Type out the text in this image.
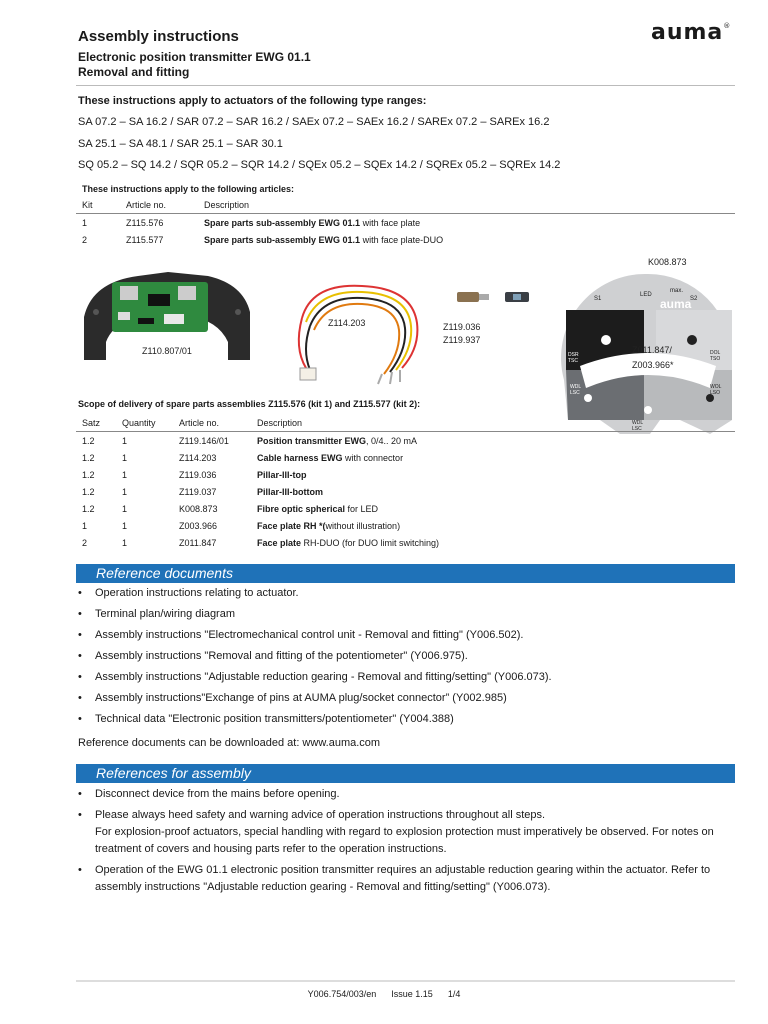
Assembly instructions
Electronic position transmitter EWG 01.1
Removal and fitting
auma®
These instructions apply to actuators of the following type ranges:
SA 07.2 – SA 16.2 / SAR 07.2 – SAR 16.2 / SAEx 07.2 – SAEx 16.2 / SAREx 07.2 – SAREx 16.2
SA 25.1 – SA 48.1 / SAR 25.1 – SAR 30.1
SQ 05.2 – SQ 14.2 / SQR 05.2 – SQR 14.2 / SQEx 05.2 – SQEx 14.2 / SQREx 05.2 – SQREx 14.2
These instructions apply to the following articles:
Kit	Article no.	Description
1	Z115.576	Spare parts sub-assembly EWG 01.1 with face plate
2	Z115.577	Spare parts sub-assembly EWG 01.1 with face plate-DUO
Z110.807/01
Z114.203	Z119.036
Z119.937
K008.873
S1	S2
LED
max.
auma
DSR
TSC
DOL
TSO
WOL
LSO
WDL
LSC
WDL
LSC
Z011.847/
Z003.966*
Scope of delivery of spare parts assemblies Z115.576 (kit 1) and Z115.577 (kit 2):
Satz	Quantity	Article no.	Description
1.2	1	Z119.146/01	Position transmitter EWG, 0/4.. 20 mA
1.2	1	Z114.203	Cable harness EWG with connector
1.2	1	Z119.036	Pillar-III-top
1.2	1	Z119.037	Pillar-III-bottom
1.2	1	K008.873	Fibre optic spherical for LED
1	1	Z003.966	Face plate RH *(without illustration)
2	1	Z011.847	Face plate RH-DUO (for DUO limit switching)
Reference documents
• Operation instructions relating to actuator.
• Terminal plan/wiring diagram
• Assembly instructions "Electromechanical control unit - Removal and fitting" (Y006.502).
• Assembly instructions "Removal and fitting of the potentiometer" (Y006.975).
• Assembly instructions "Adjustable reduction gearing - Removal and fitting/setting" (Y006.073).
• Assembly instructions"Exchange of pins at AUMA plug/socket connector” (Y002.985)
• Technical data "Electronic position transmitters/potentiometer" (Y004.388)
Reference documents can be downloaded at: www.auma.com
References for assembly
• Disconnect device from the mains before opening.
• Please always heed safety and warning advice of operation instructions throughout all steps.
For explosion-proof actuators, special handling with regard to explosion protection must imperatively be observed. For notes on treatment of covers and housing parts refer to the operation instructions.
• Operation of the EWG 01.1 electronic position transmitter requires an adjustable reduction gearing within the actuator. Refer to assembly instructions "Adjustable reduction gearing - Removal and fitting/setting" (Y006.073).
Y006.754/003/en Issue 1.15 1/4
